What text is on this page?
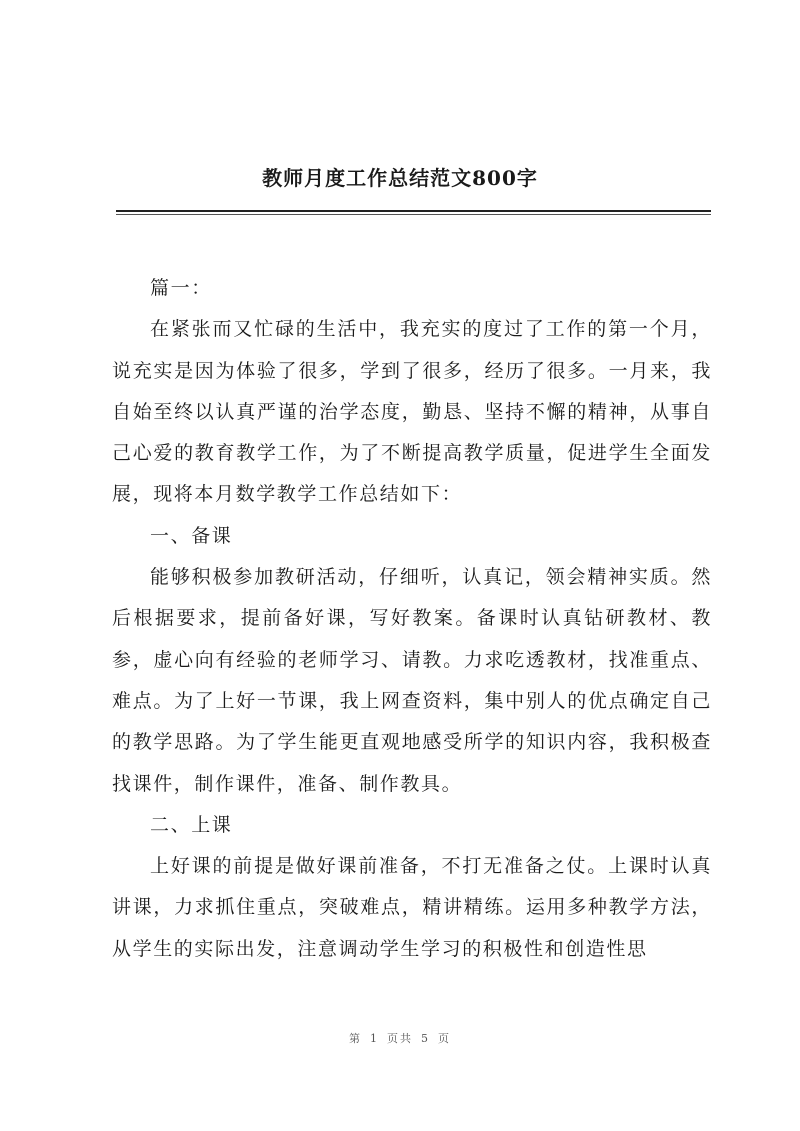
教师月度工作总结范文800字

篇一：

在紧张而又忙碌的生活中，我充实的度过了工作的第一个月，说充实是因为体验了很多，学到了很多，经历了很多。一月来，我自始至终以认真严谨的治学态度，勤恳、坚持不懈的精神，从事自己心爱的教育教学工作，为了不断提高教学质量，促进学生全面发展，现将本月数学教学工作总结如下：

一、备课

能够积极参加教研活动，仔细听，认真记，领会精神实质。然后根据要求，提前备好课，写好教案。备课时认真钻研教材、教参，虚心向有经验的老师学习、请教。力求吃透教材，找准重点、难点。为了上好一节课，我上网查资料，集中别人的优点确定自己的教学思路。为了学生能更直观地感受所学的知识内容，我积极查找课件，制作课件，准备、制作教具。

二、上课

上好课的前提是做好课前准备，不打无准备之仗。上课时认真讲课，力求抓住重点，突破难点，精讲精练。运用多种教学方法，从学生的实际出发，注意调动学生学习的积极性和创造性思

第 1 页共 5 页
